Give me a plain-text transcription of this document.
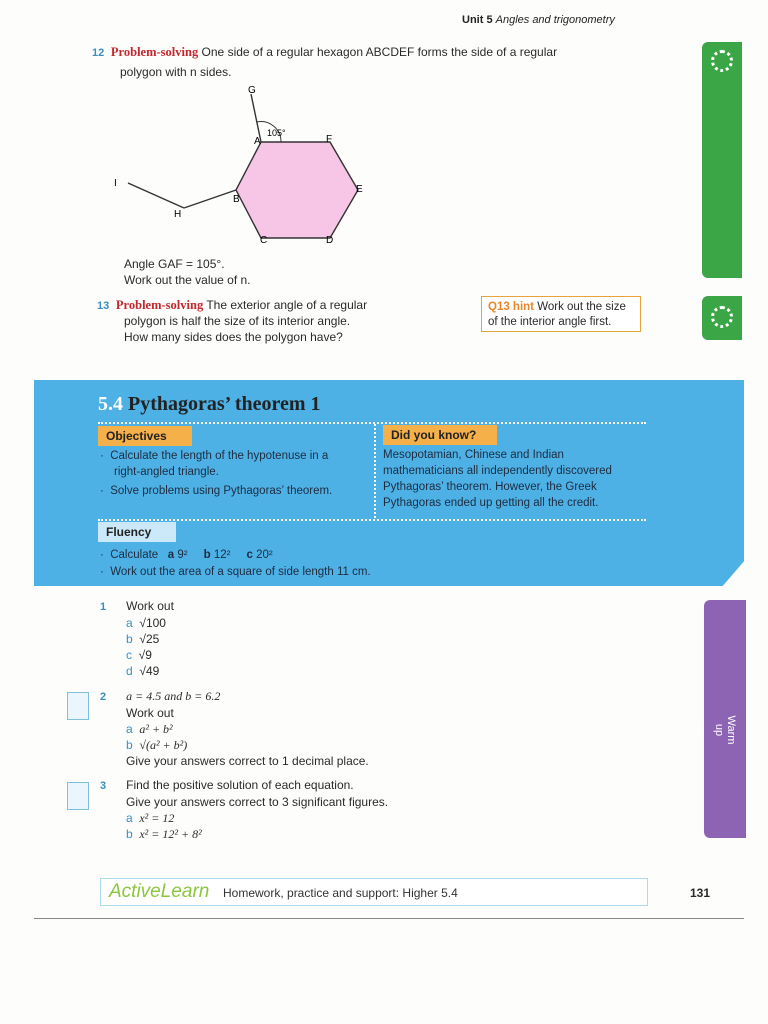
Unit 5 Angles and trigonometry
12 Problem-solving One side of a regular hexagon ABCDEF forms the side of a regular
polygon with n sides.
G
A
105°
F
E
B
I
H
C	D
Angle GAF = 105°.
Work out the value of n.
13 Problem-solving The exterior angle of a regular
polygon is half the size of its interior angle.
How many sides does the polygon have?
Q13 hint Work out the size
of the interior angle first.
5.4 Pythagoras’ theorem 1
Objectives	Did you know?
·  Calculate the length of the hypotenuse in a
right-angled triangle.
·  Solve problems using Pythagoras’ theorem.
Mesopotamian, Chinese and Indian
mathematicians all independently discovered
Pythagoras’ theorem. However, the Greek
Pythagoras ended up getting all the credit.
Fluency
·  Calculate a 9² b 12² c 20²
·  Work out the area of a square of side length 11 cm.
Warm up
1 Work out
a √100
b √25
c √9
d √49
2 a = 4.5 and b = 6.2
Work out
a a² + b²
b √(a² + b²)
Give your answers correct to 1 decimal place.
3 Find the positive solution of each equation.
Give your answers correct to 3 significant figures.
a x² = 12
b x² = 12² + 8²
ActiveLearn Homework, practice and support: Higher 5.4	131
